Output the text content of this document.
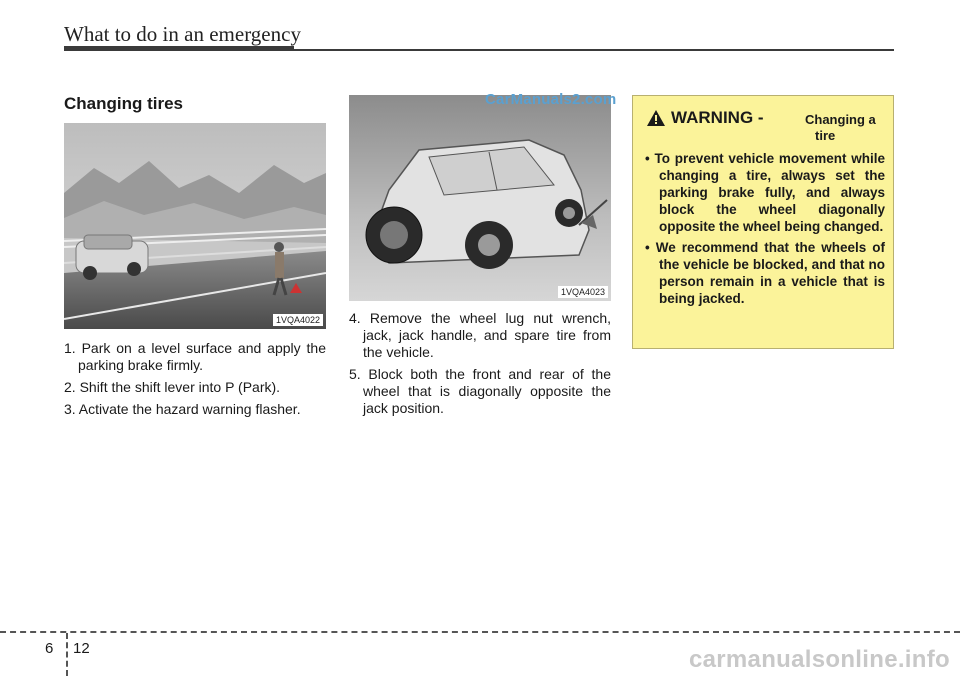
What to do in an emergency
Changing tires
1VQA4022
1. Park on a level surface and apply the parking brake firmly.
2. Shift the shift lever into P (Park).
3. Activate the hazard warning flasher.
1VQA4023
CarManuals2.com
4. Remove the wheel lug nut wrench, jack, jack handle, and spare tire from the vehicle.
5. Block both the front and rear of the wheel that is diagonally opposite the jack position.
WARNING -	Changing a
tire
• To prevent vehicle movement while changing a tire, always set the parking brake fully, and always block the wheel diagonally opposite the wheel being changed.
• We recommend that the wheels of the vehicle be blocked, and that no person remain in a vehicle that is being jacked.
6 12	carmanualsonline.info
